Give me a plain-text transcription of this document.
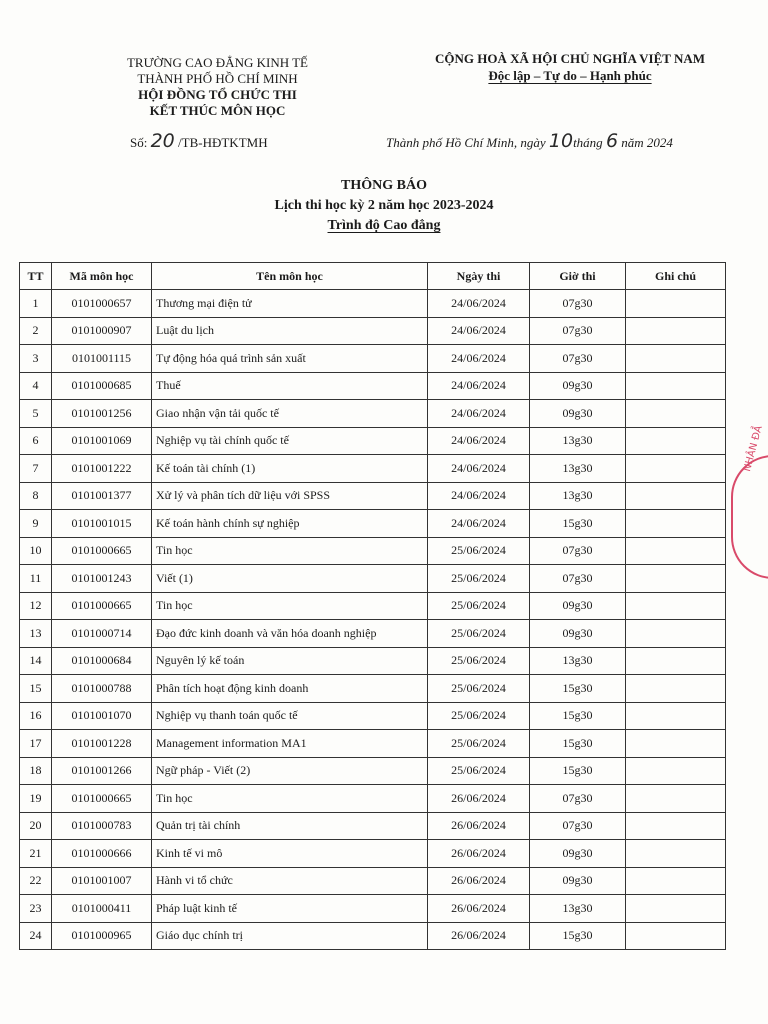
TRƯỜNG CAO ĐẲNG KINH TẾ
THÀNH PHỐ HỒ CHÍ MINH
HỘI ĐỒNG TỔ CHỨC THI
KẾT THÚC MÔN HỌC
Số: 20 /TB-HĐTKTMH
CỘNG HOÀ XÃ HỘI CHỦ NGHĨA VIỆT NAM
Độc lập – Tự do – Hạnh phúc
Thành phố Hồ Chí Minh, ngày 10tháng 6 năm 2024
THÔNG BÁO
Lịch thi học kỳ 2 năm học 2023-2024
Trình độ Cao đẳng
TT	Mã môn học	Tên môn học	Ngày thi	Giờ thi	Ghi chú
1	0101000657	Thương mại điện tử	24/06/2024	07g30	
2	0101000907	Luật du lịch	24/06/2024	07g30	
3	0101001115	Tự động hóa quá trình sản xuất	24/06/2024	07g30	
4	0101000685	Thuế	24/06/2024	09g30	
5	0101001256	Giao nhận vận tải quốc tế	24/06/2024	09g30	
6	0101001069	Nghiệp vụ tài chính quốc tế	24/06/2024	13g30	
7	0101001222	Kế toán tài chính (1)	24/06/2024	13g30	
8	0101001377	Xử lý và phân tích dữ liệu với SPSS	24/06/2024	13g30	
9	0101001015	Kế toán hành chính sự nghiệp	24/06/2024	15g30	
10	0101000665	Tin học	25/06/2024	07g30	
11	0101001243	Viết (1)	25/06/2024	07g30	
12	0101000665	Tin học	25/06/2024	09g30	
13	0101000714	Đạo đức kinh doanh và văn hóa doanh nghiệp	25/06/2024	09g30	
14	0101000684	Nguyên lý kế toán	25/06/2024	13g30	
15	0101000788	Phân tích hoạt động kinh doanh	25/06/2024	15g30	
16	0101001070	Nghiệp vụ thanh toán quốc tế	25/06/2024	15g30	
17	0101001228	Management information MA1	25/06/2024	15g30	
18	0101001266	Ngữ pháp - Viết (2)	25/06/2024	15g30	
19	0101000665	Tin học	26/06/2024	07g30	
20	0101000783	Quản trị tài chính	26/06/2024	07g30	
21	0101000666	Kinh tế vi mô	26/06/2024	09g30	
22	0101001007	Hành vi tổ chức	26/06/2024	09g30	
23	0101000411	Pháp luật kinh tế	26/06/2024	13g30	
24	0101000965	Giáo dục chính trị	26/06/2024	15g30	
NHÂN ĐẲ
